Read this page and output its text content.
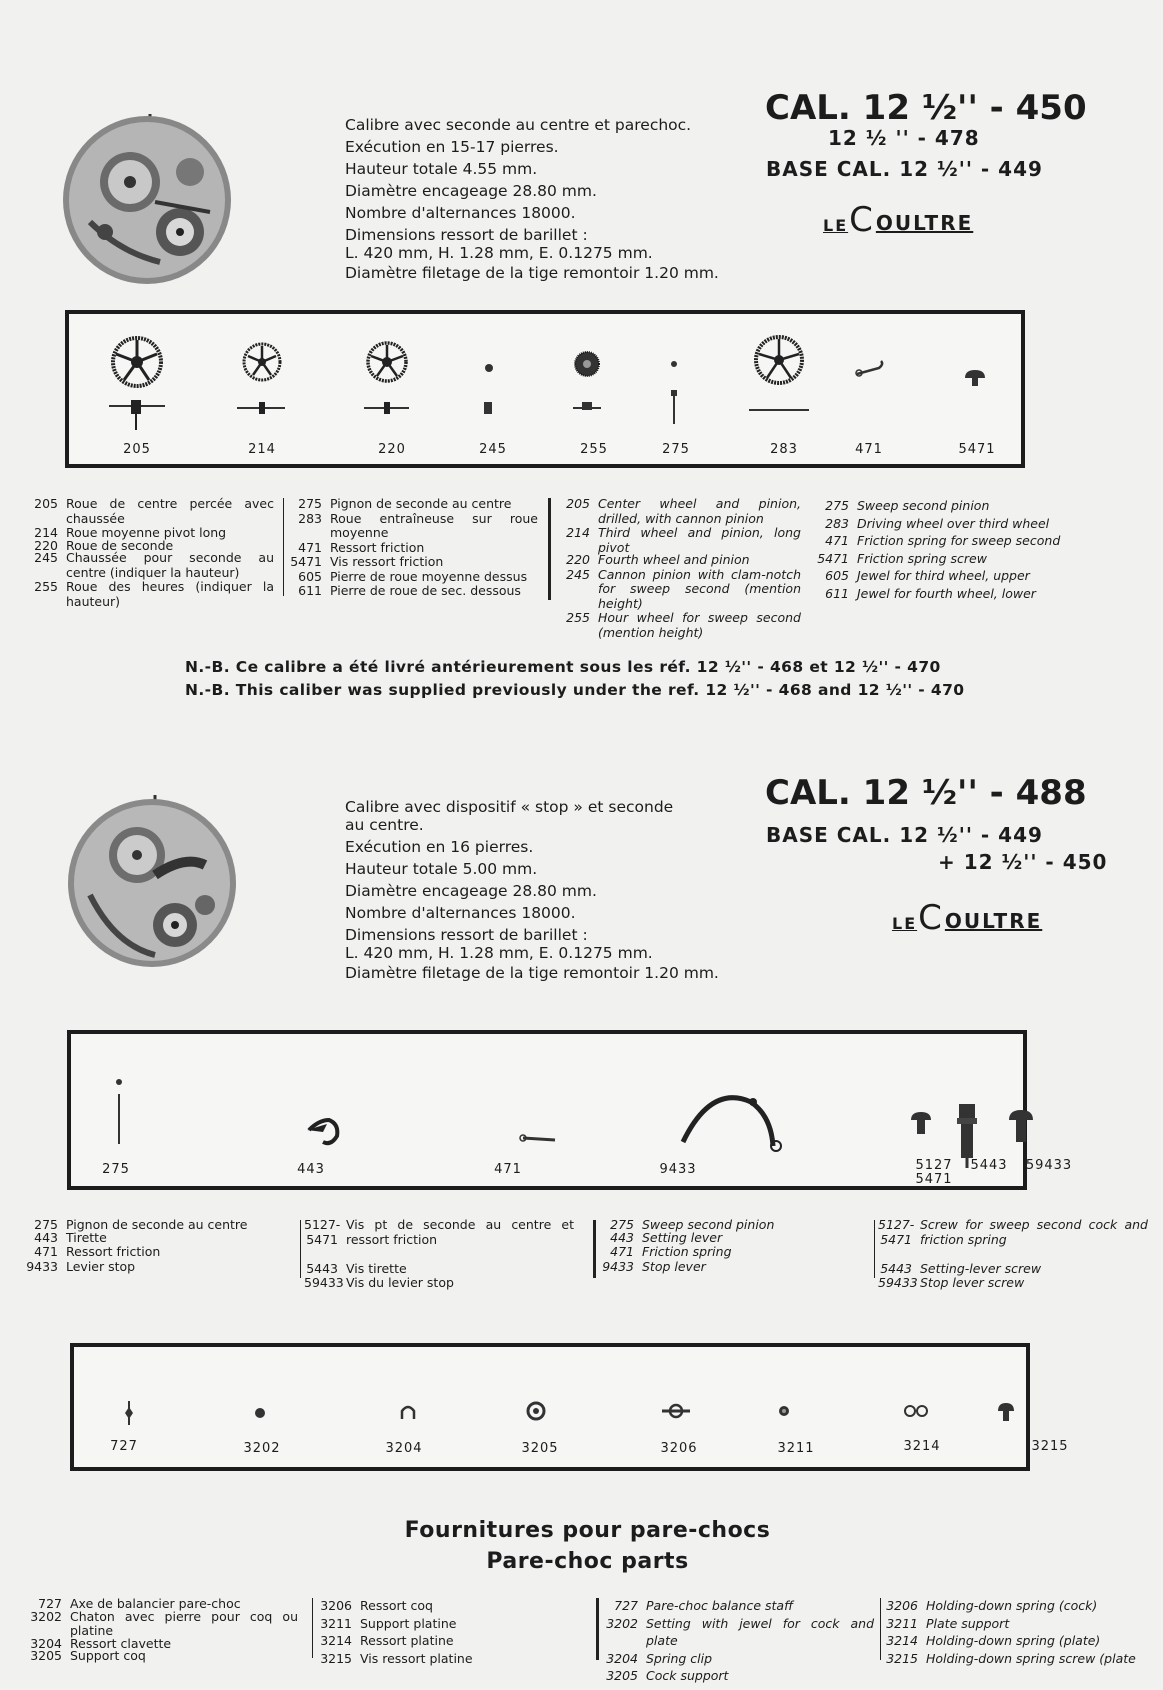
Calibre avec seconde au centre et parechoc.
Exécution en 15-17 pierres.
Hauteur totale 4.55 mm.
Diamètre encageage 28.80 mm.
Nombre d'alternances 18000.
Dimensions ressort de barillet :
L. 420 mm, H. 1.28 mm, E. 0.1275 mm.
Diamètre filetage de la tige remontoir 1.20 mm.
CAL. 12 ½'' - 450
12 ½ '' - 478
BASE CAL. 12 ½'' - 449
LE C OULTRE
205	214	220	245	255	275	283	471	5471
205 Roue de centre percée avec chaussée
214 Roue moyenne pivot long
220 Roue de seconde
245 Chaussée pour seconde au centre (indiquer la hauteur)
255 Roue des heures (indiquer la hauteur)
275 Pignon de seconde au centre
283 Roue entraîneuse sur roue moyenne
471 Ressort friction
5471 Vis ressort friction
605 Pierre de roue moyenne dessus
611 Pierre de roue de sec. dessous
205 Center wheel and pinion, drilled, with cannon pinion
214 Third wheel and pinion, long pivot
220 Fourth wheel and pinion
245 Cannon pinion with clam-notch for sweep second (mention height)
255 Hour wheel for sweep second (mention height)
275 Sweep second pinion
283 Driving wheel over third wheel
471 Friction spring for sweep second
5471 Friction spring screw
605 Jewel for third wheel, upper
611 Jewel for fourth wheel, lower
N.-B. Ce calibre a été livré antérieurement sous les réf. 12 ½'' - 468 et 12 ½'' - 470
N.-B. This caliber was supplied previously under the ref. 12 ½'' - 468 and 12 ½'' - 470
Calibre avec dispositif « stop » et seconde
au centre.
Exécution en 16 pierres.
Hauteur totale 5.00 mm.
Diamètre encageage 28.80 mm.
Nombre d'alternances 18000.
Dimensions ressort de barillet :
L. 420 mm, H. 1.28 mm, E. 0.1275 mm.
Diamètre filetage de la tige remontoir 1.20 mm.
CAL. 12 ½'' - 488
BASE CAL. 12 ½'' - 449
+ 12 ½'' - 450
LE C OULTRE
275	443	471	9433	5127
5471
5443 59433
275 Pignon de seconde au centre
443 Tirette
471 Ressort friction
9433 Levier stop
5127- Vis pt de seconde au centre et ressort friction
5471
5443 Vis tirette
59433 Vis du levier stop
275 Sweep second pinion
443 Setting lever
471 Friction spring
9433 Stop lever
5127- Screw for sweep second cock and friction spring
5471
5443 Setting-lever screw
59433 Stop lever screw
727	3202	3204	3205	3206	3211	3214	3215
Fournitures pour pare-chocs
Pare-choc parts
727 Axe de balancier pare-choc
3202 Chaton avec pierre pour coq ou platine
3204 Ressort clavette
3205 Support coq
3206 Ressort coq
3211 Support platine
3214 Ressort platine
3215 Vis ressort platine
727 Pare-choc balance staff
3202 Setting with jewel for cock and plate
3204 Spring clip
3205 Cock support
3206 Holding-down spring (cock)
3211 Plate support
3214 Holding-down spring (plate)
3215 Holding-down spring screw (plate
